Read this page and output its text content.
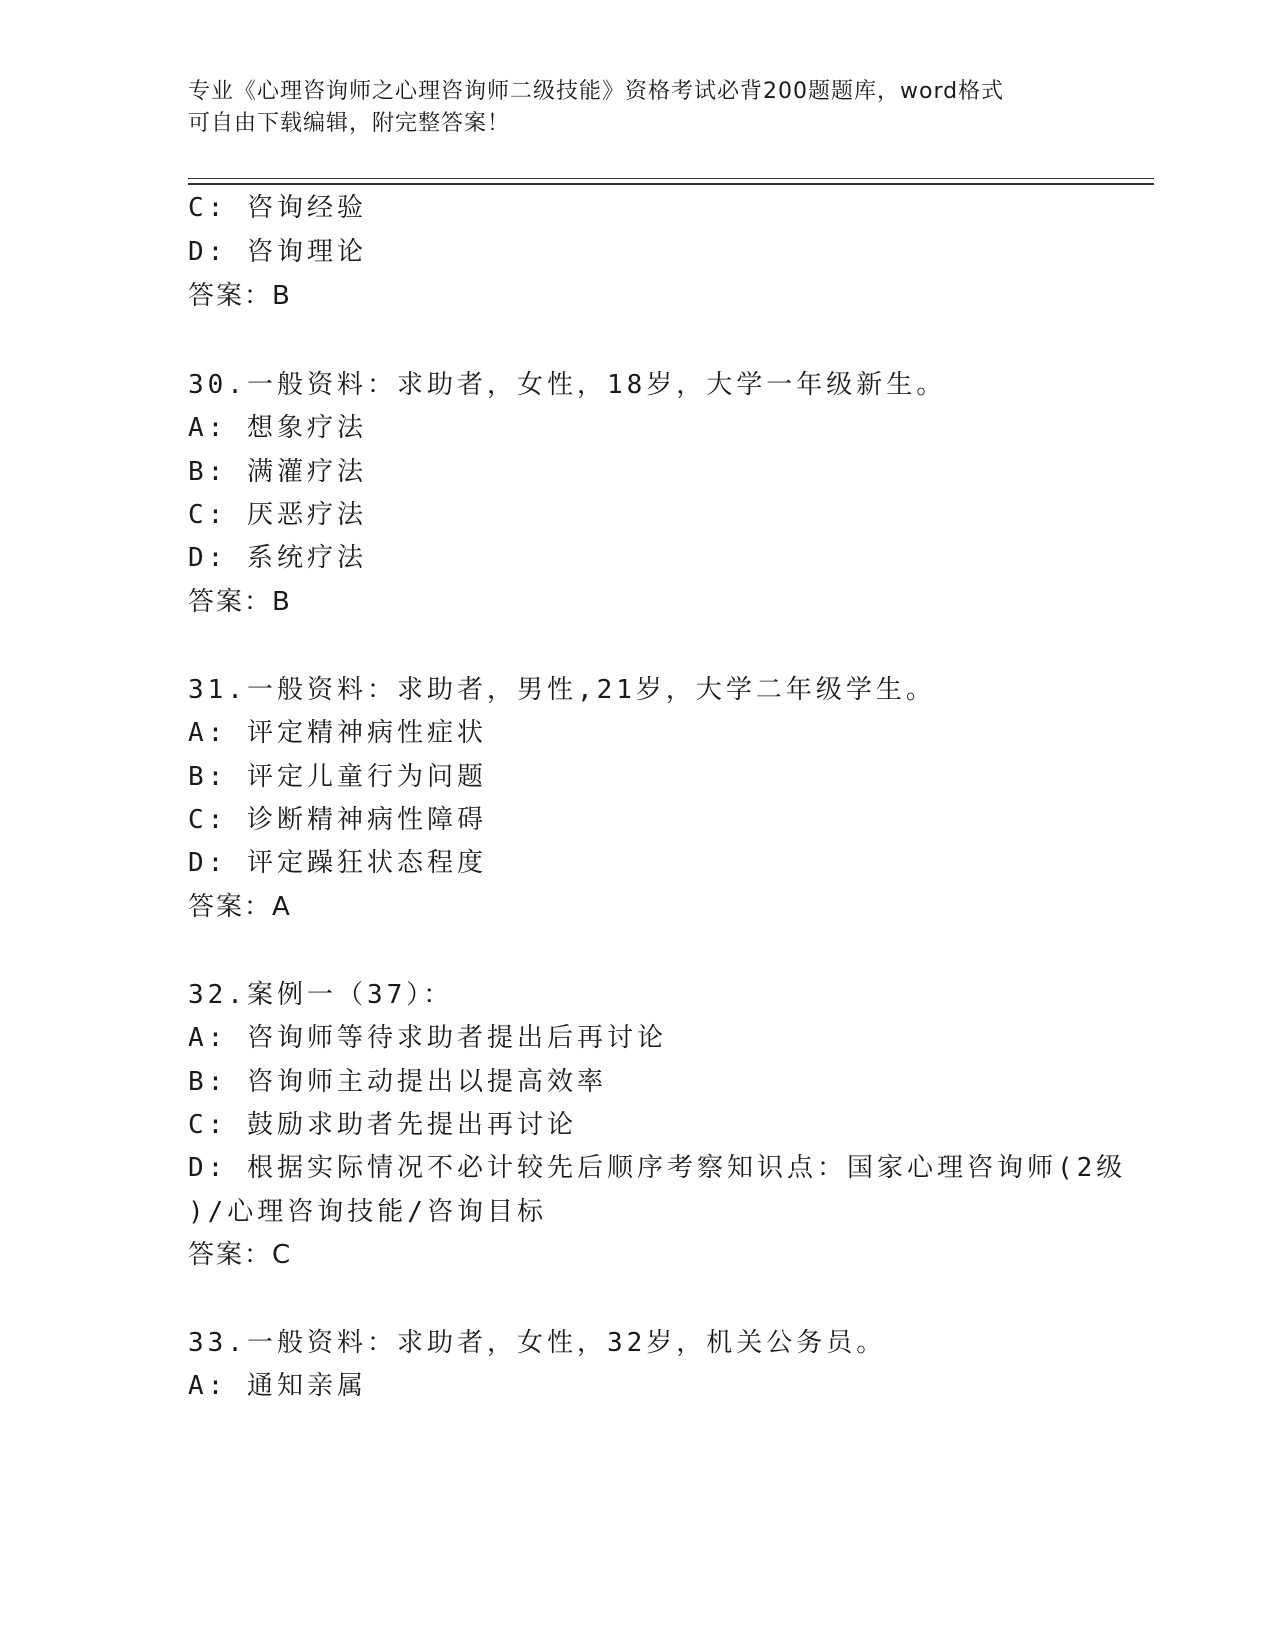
专业《心理咨询师之心理咨询师二级技能》资格考试必背200题题库，word格式
可自由下载编辑，附完整答案！
C: 咨询经验
D: 咨询理论
答案：B
30.一般资料：求助者，女性，18岁，大学一年级新生。
A: 想象疗法
B: 满灌疗法
C: 厌恶疗法
D: 系统疗法
答案：B
31.一般资料：求助者，男性,21岁，大学二年级学生。
A: 评定精神病性症状
B: 评定儿童行为问题
C: 诊断精神病性障碍
D: 评定躁狂状态程度
答案：A
32.案例一（37）：
A: 咨询师等待求助者提出后再讨论
B: 咨询师主动提出以提高效率
C: 鼓励求助者先提出再讨论
D: 根据实际情况不必计较先后顺序考察知识点：国家心理咨询师(2级
)/心理咨询技能/咨询目标
答案：C
33.一般资料：求助者，女性，32岁，机关公务员。
A: 通知亲属
